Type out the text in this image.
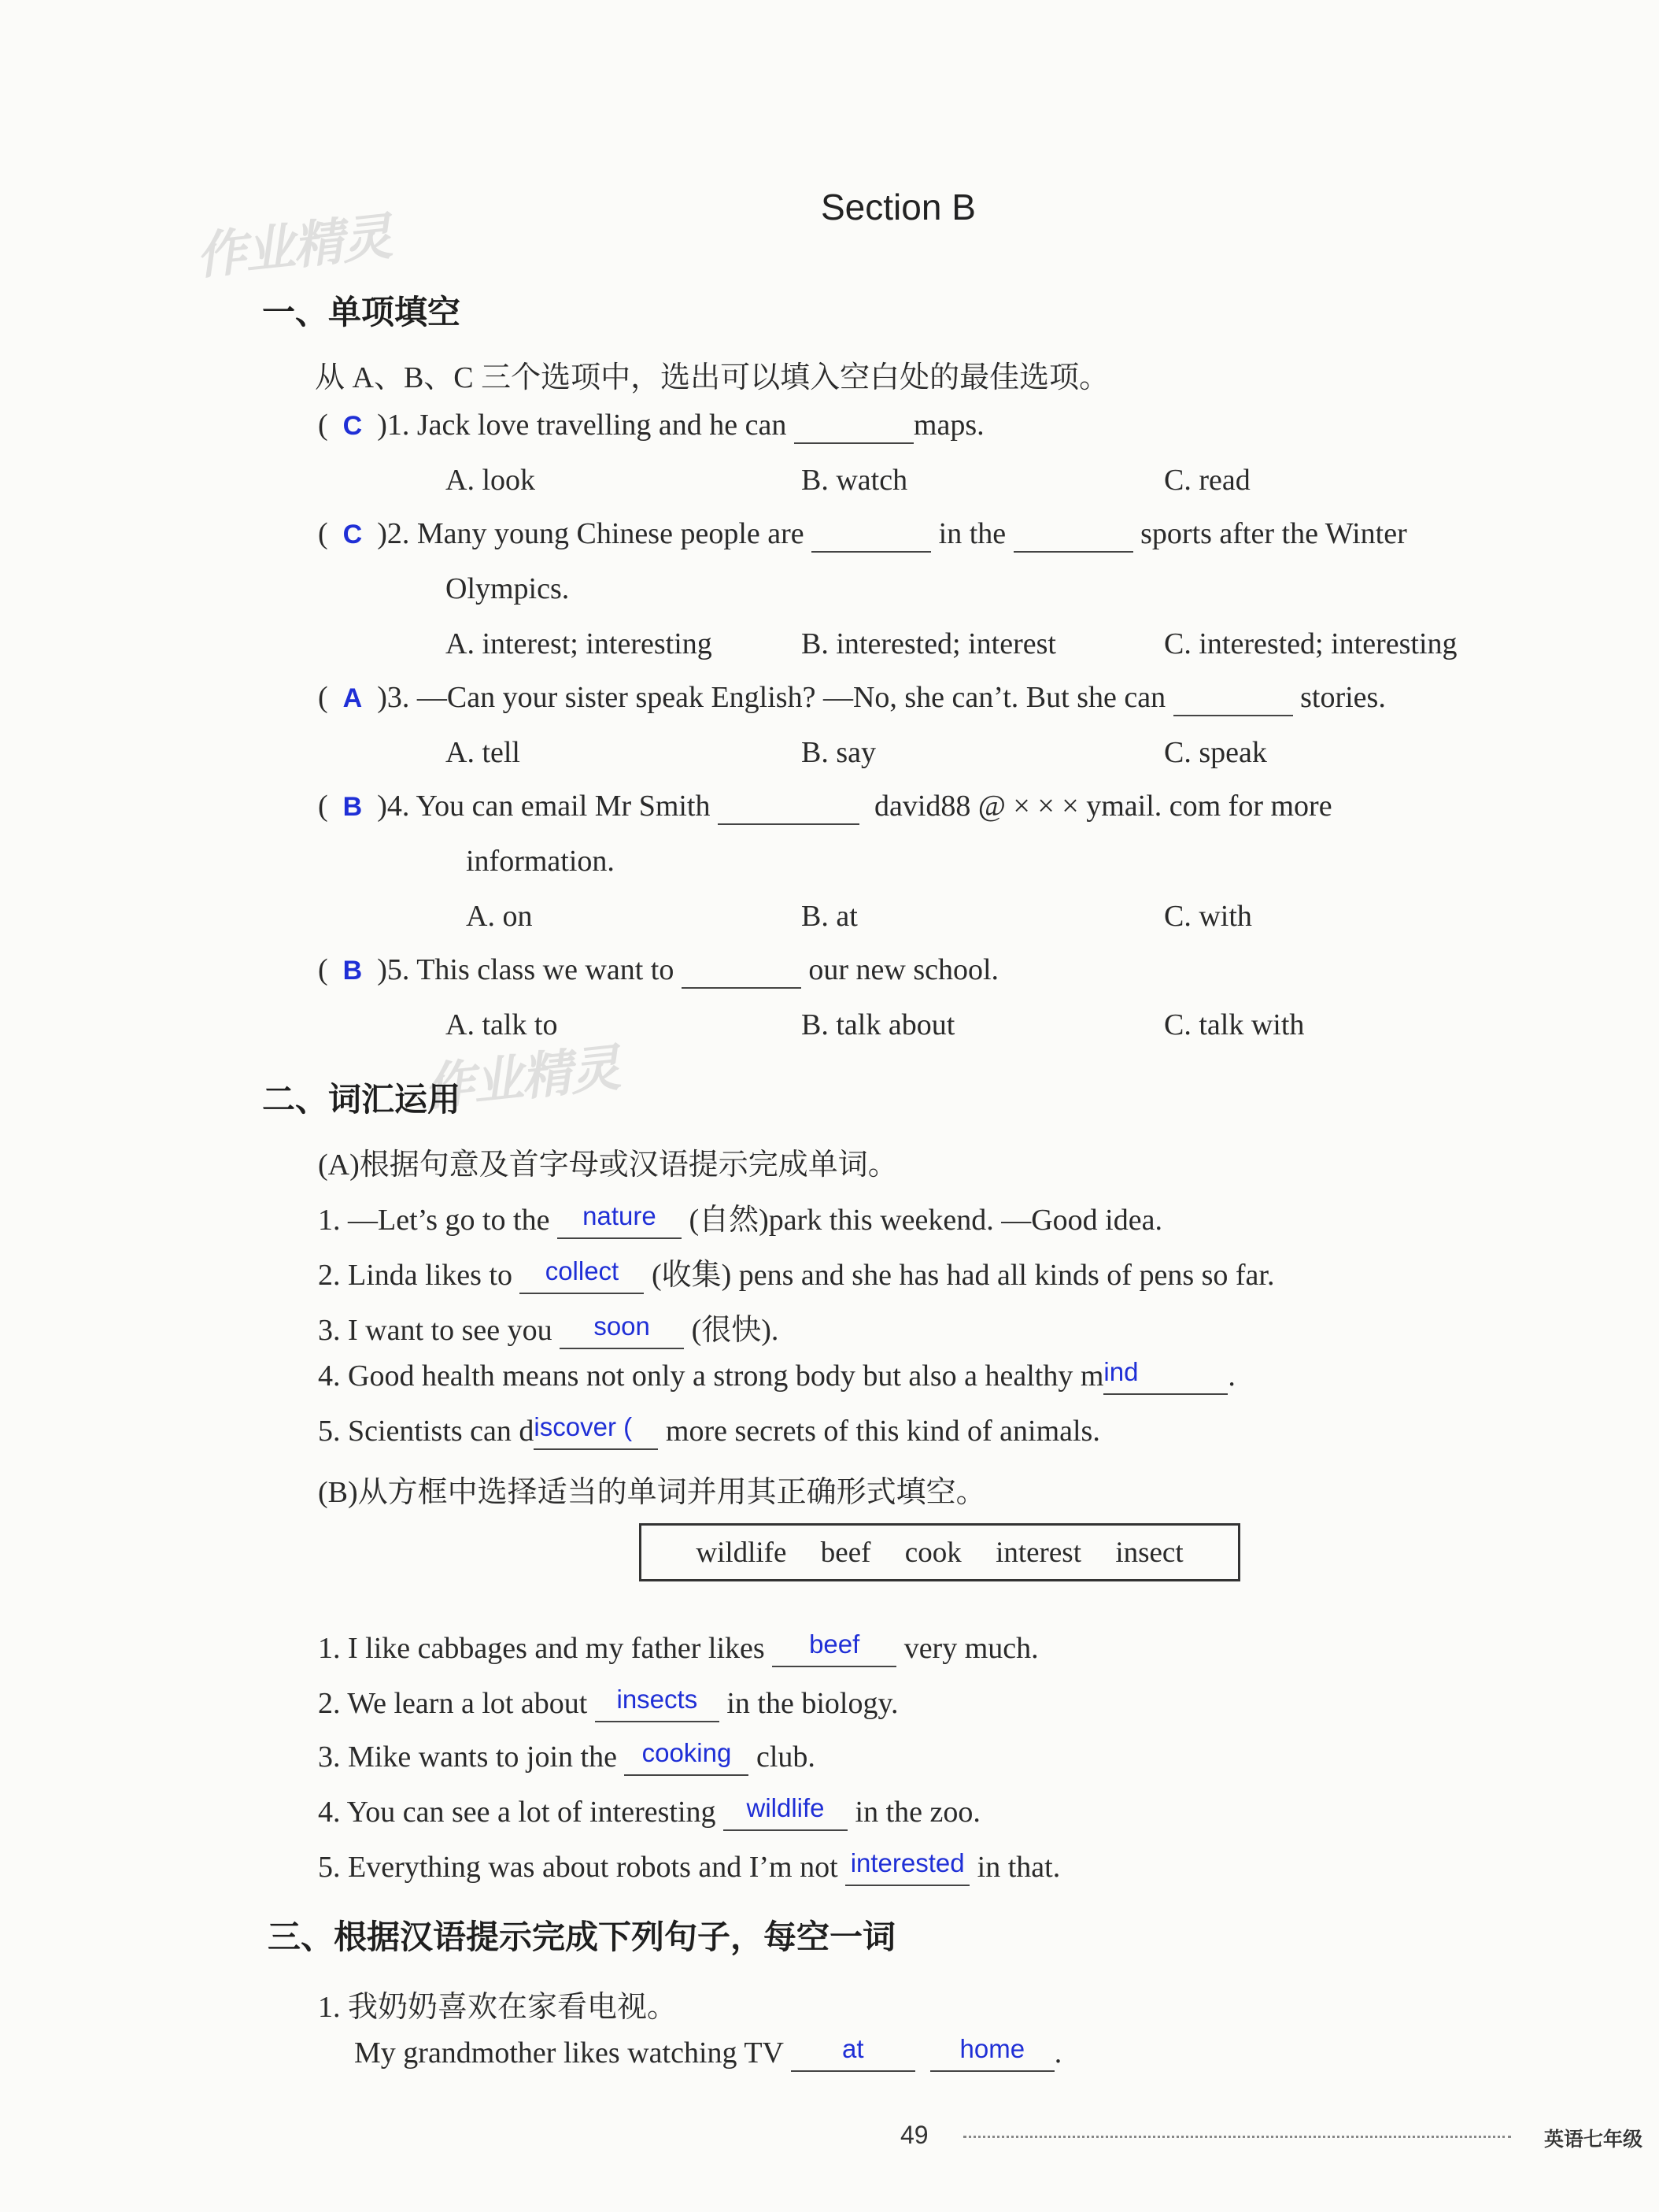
作业精灵
作业精灵
Section B
一、单项填空
从 A、B、C 三个选项中，选出可以填入空白处的最佳选项。
(  C )1. Jack love travelling and he can	maps.
A. look	B. watch	C. read
(  C )2. Many young Chinese people are	in the	sports after the Winter
Olympics.
A. interest; interesting	B. interested; interest	C. interested; interesting
(  A )3. —Can your sister speak English? —No, she can’t. But she can	stories.
A. tell	B. say	C. speak
(  B )4. You can email Mr Smith	david88 @ × × × ymail. com for more
information.
A. on	B. at	C. with
(  B )5. This class we want to	our new school.
A. talk to	B. talk about	C. talk with
二、词汇运用
(A)根据句意及首字母或汉语提示完成单词。
1. —Let’s go to the nature (自然)park this weekend. —Good idea.
2. Linda likes to collect (收集) pens and she has had all kinds of pens so far.
3. I want to see you soon (很快).
4. Good health means not only a strong body but also a healthy mind	.
5. Scientists can discover ( more secrets of this kind of animals.
(B)从方框中选择适当的单词并用其正确形式填空。
wildlife beef cook interest insect
1. I like cabbages and my father likes beef very much.
2. We learn a lot about insects in the biology.
3. Mike wants to join the cooking club.
4. You can see a lot of interesting wildlife in the zoo.
5. Everything was about robots and I’m not interested in that.
三、根据汉语提示完成下列句子，每空一词
1. 我奶奶喜欢在家看电视。
My grandmother likes watching TV at	home .
49	英语七年级
